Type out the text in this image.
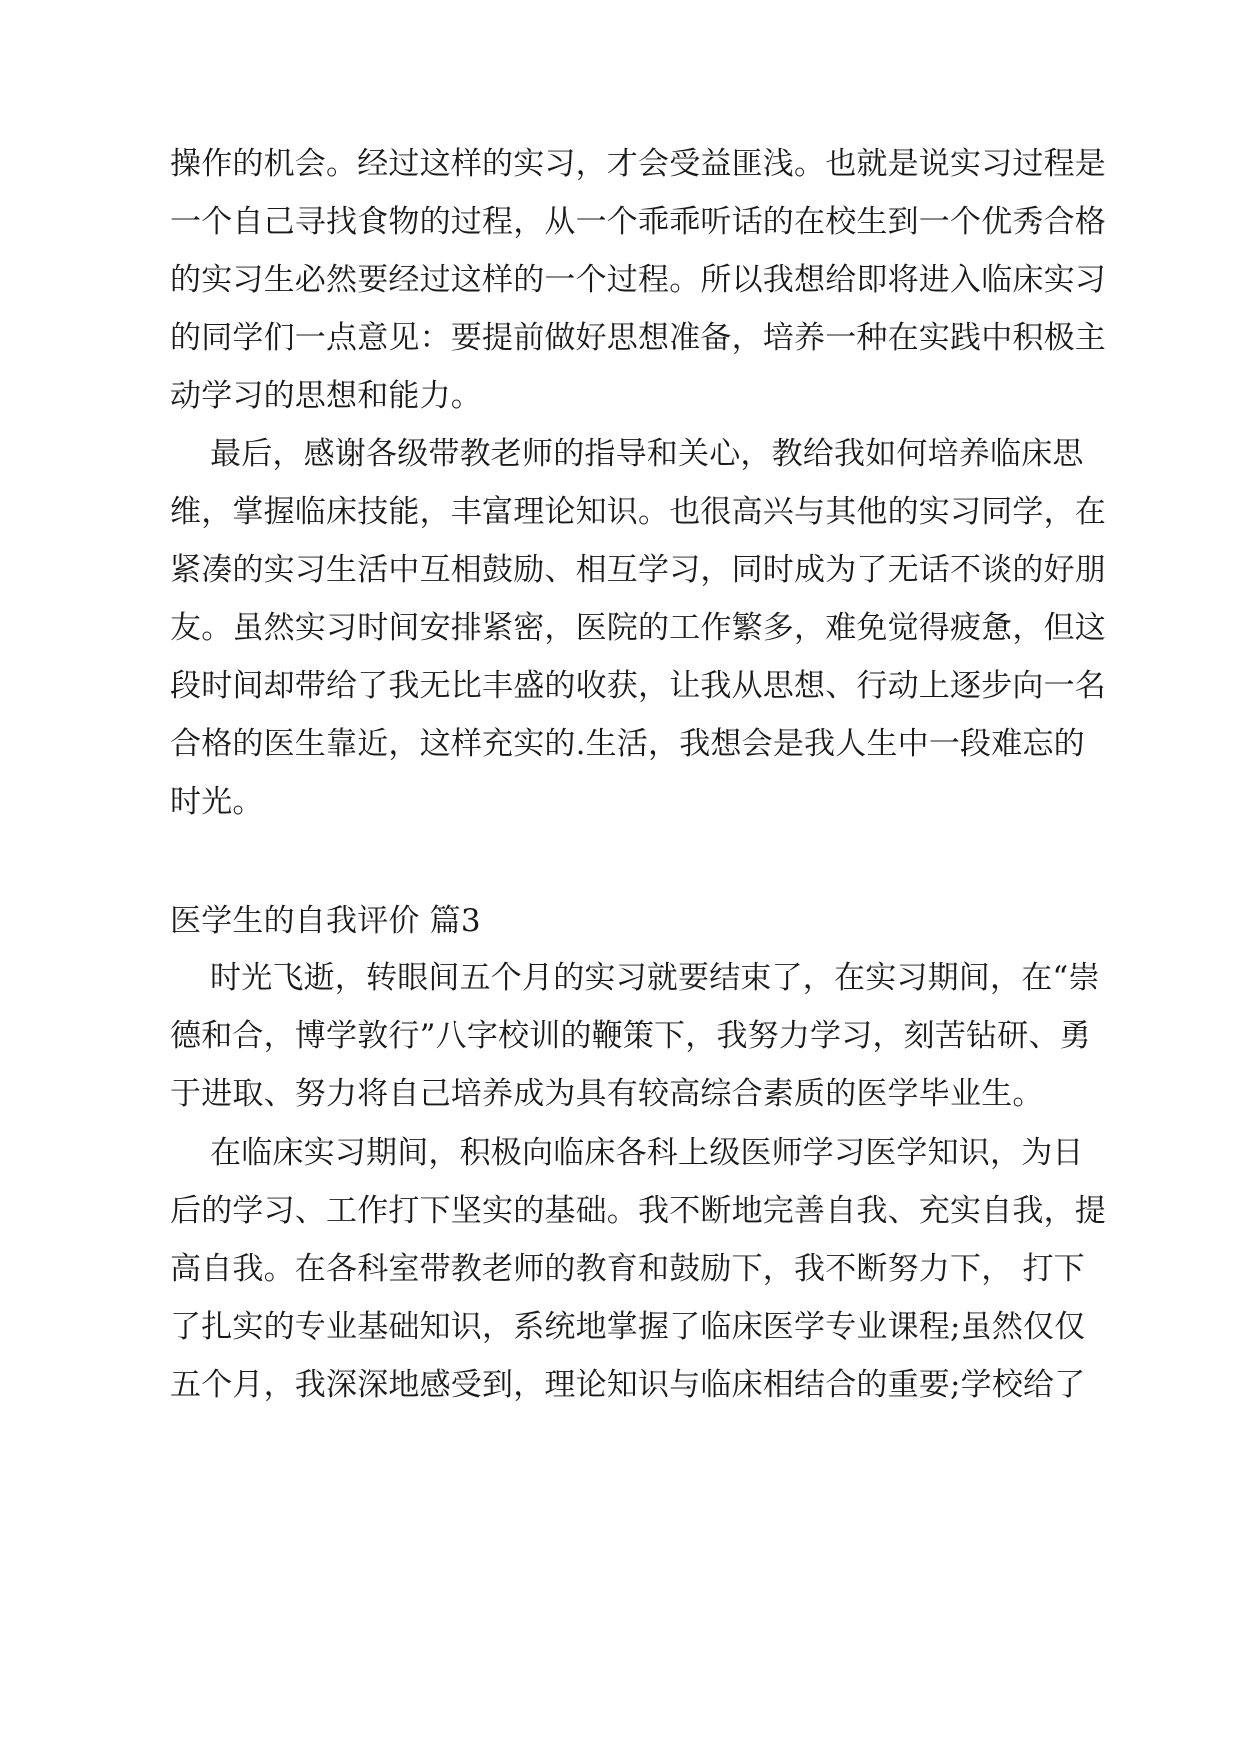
操作的机会。经过这样的实习，才会受益匪浅。也就是说实习过程是
一个自己寻找食物的过程，从一个乖乖听话的在校生到一个优秀合格
的实习生必然要经过这样的一个过程。所以我想给即将进入临床实习
的同学们一点意见：要提前做好思想准备，培养一种在实践中积极主
动学习的思想和能力。
最后，感谢各级带教老师的指导和关心，教给我如何培养临床思
维，掌握临床技能，丰富理论知识。也很高兴与其他的实习同学，在
紧凑的实习生活中互相鼓励、相互学习，同时成为了无话不谈的好朋
友。虽然实习时间安排紧密，医院的工作繁多，难免觉得疲惫，但这
段时间却带给了我无比丰盛的收获，让我从思想、行动上逐步向一名
合格的医生靠近，这样充实的.生活，我想会是我人生中一段难忘的
时光。
医学生的自我评价 篇3
时光飞逝，转眼间五个月的实习就要结束了，在实习期间，在“崇
德和合，博学敦行”八字校训的鞭策下，我努力学习，刻苦钻研、勇
于进取、努力将自己培养成为具有较高综合素质的医学毕业生。
在临床实习期间，积极向临床各科上级医师学习医学知识，为日
后的学习、工作打下坚实的基础。我不断地完善自我、充实自我，提
高自我。在各科室带教老师的教育和鼓励下，我不断努力下， 打下
了扎实的专业基础知识，系统地掌握了临床医学专业课程;虽然仅仅
五个月，我深深地感受到，理论知识与临床相结合的重要;学校给了
